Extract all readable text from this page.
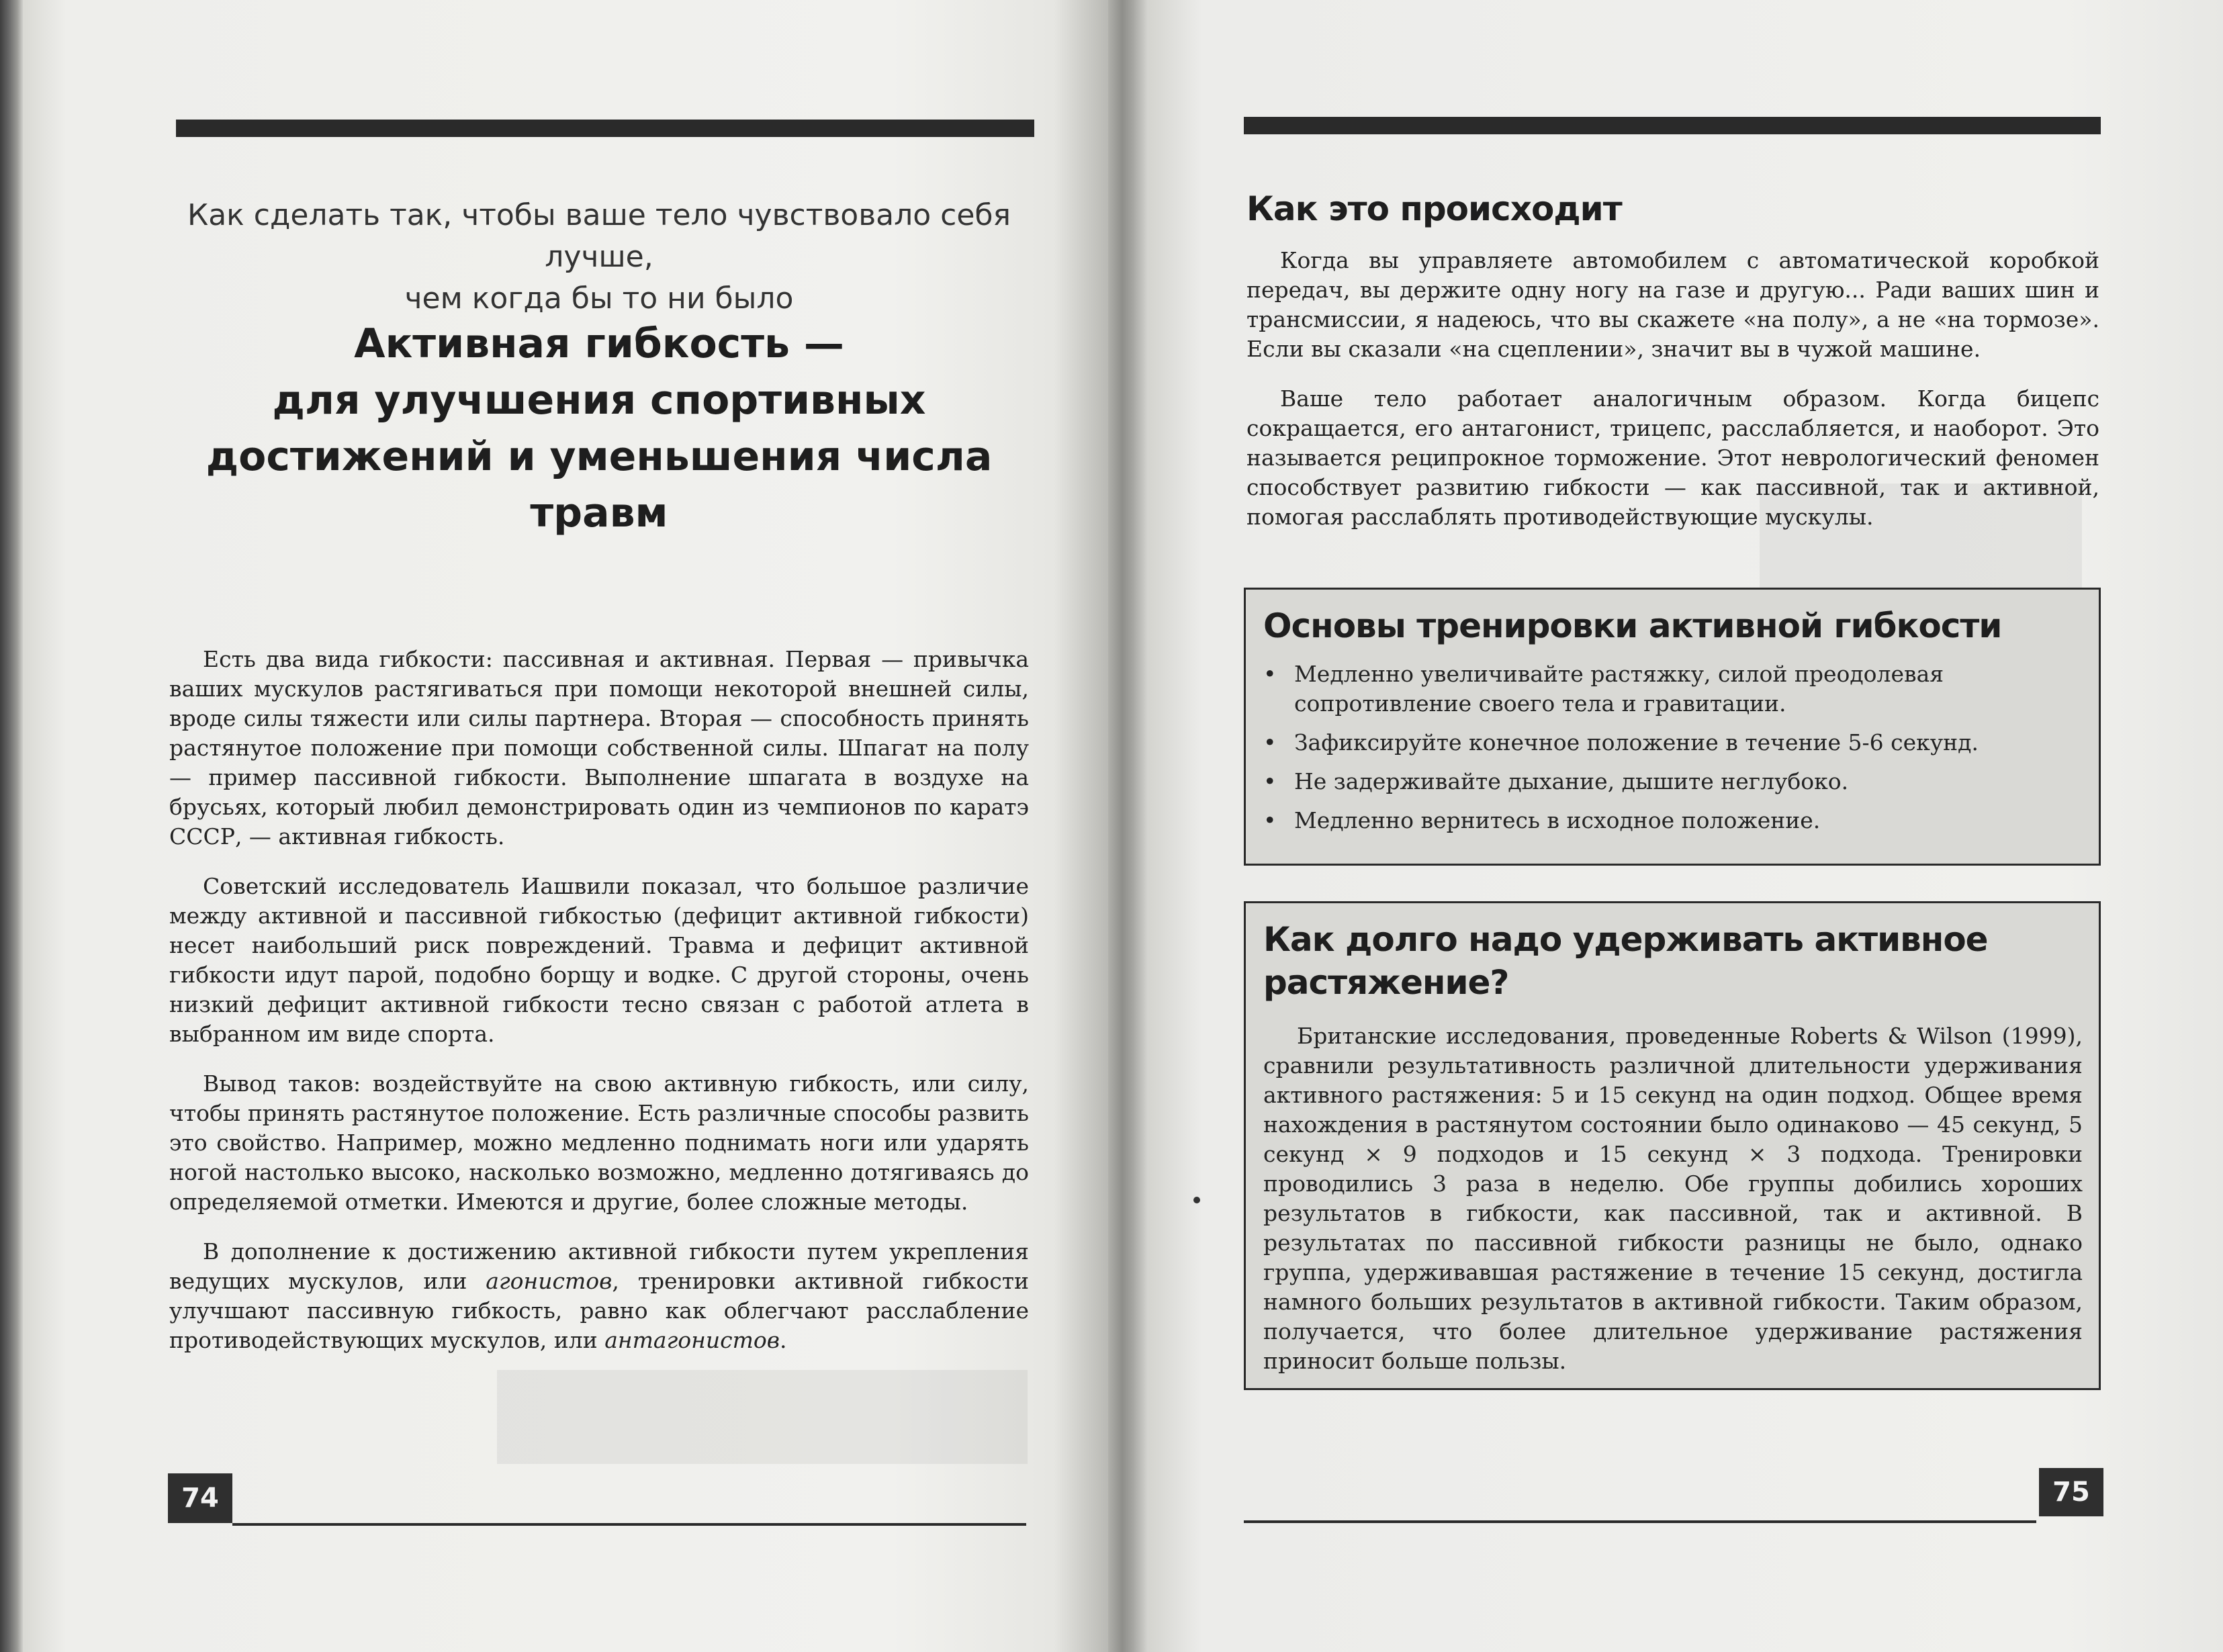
Как сделать так, чтобы ваше тело чувствовало себя лучше,
чем когда бы то ни было
Активная гибкость —
для улучшения спортивных
достижений и уменьшения числа
травм

Есть два вида гибкости: пассивная и активная. Первая — привычка ваших мускулов растягиваться при помощи некоторой внешней силы, вроде силы тяжести или силы партнера. Вторая — способность принять растянутое положение при помощи собственной силы. Шпагат на полу — пример пассивной гибкости. Выполнение шпагата в воздухе на брусьях, который любил демонстрировать один из чемпионов по каратэ СССР, — активная гибкость.

Советский исследователь Иашвили показал, что большое различие между активной и пассивной гибкостью (дефицит активной гибкости) несет наибольший риск повреждений. Травма и дефицит активной гибкости идут парой, подобно борщу и водке. С другой стороны, очень низкий дефицит активной гибкости тесно связан с работой атлета в выбранном им виде спорта.

Вывод таков: воздействуйте на свою активную гибкость, или силу, чтобы принять растянутое положение. Есть различные способы развить это свойство. Например, можно медленно поднимать ноги или ударять ногой настолько высоко, насколько возможно, медленно дотягиваясь до определяемой отметки. Имеются и другие, более сложные методы.

В дополнение к достижению активной гибкости путем укрепления ведущих мускулов, или агонистов, тренировки активной гибкости улучшают пассивную гибкость, равно как облегчают расслабление противодействующих мускулов, или антагонистов.

74
Как это происходит

Когда вы управляете автомобилем с автоматической коробкой передач, вы держите одну ногу на газе и другую... Ради ваших шин и трансмиссии, я надеюсь, что вы скажете «на полу», а не «на тормозе». Если вы сказали «на сцеплении», значит вы в чужой машине.

Ваше тело работает аналогичным образом. Когда бицепс сокращается, его антагонист, трицепс, расслабляется, и наоборот. Это называется реципрокное торможение. Этот неврологический феномен способствует развитию гибкости — как пассивной, так и активной, помогая расслаблять противодействующие мускулы.

Основы тренировки активной гибкости
• Медленно увеличивайте растяжку, силой преодолевая сопротивление своего тела и гравитации.
• Зафиксируйте конечное положение в течение 5-6 секунд.
• Не задерживайте дыхание, дышите неглубоко.
• Медленно вернитесь в исходное положение.
Как долго надо удерживать активное
растяжение?

Британские исследования, проведенные Roberts & Wilson (1999), сравнили результативность различной длительности удерживания активного растяжения: 5 и 15 секунд на один подход. Общее время нахождения в растянутом состоянии было одинаково — 45 секунд, 5 секунд × 9 подходов и 15 секунд × 3 подхода. Тренировки проводились 3 раза в неделю. Обе группы добились хороших результатов в гибкости, как пассивной, так и активной. В результатах по пассивной гибкости разницы не было, однако группа, удерживавшая растяжение в течение 15 секунд, достигла намного больших результатов в активной гибкости. Таким образом, получается, что более длительное удерживание растяжения приносит больше пользы.

75
